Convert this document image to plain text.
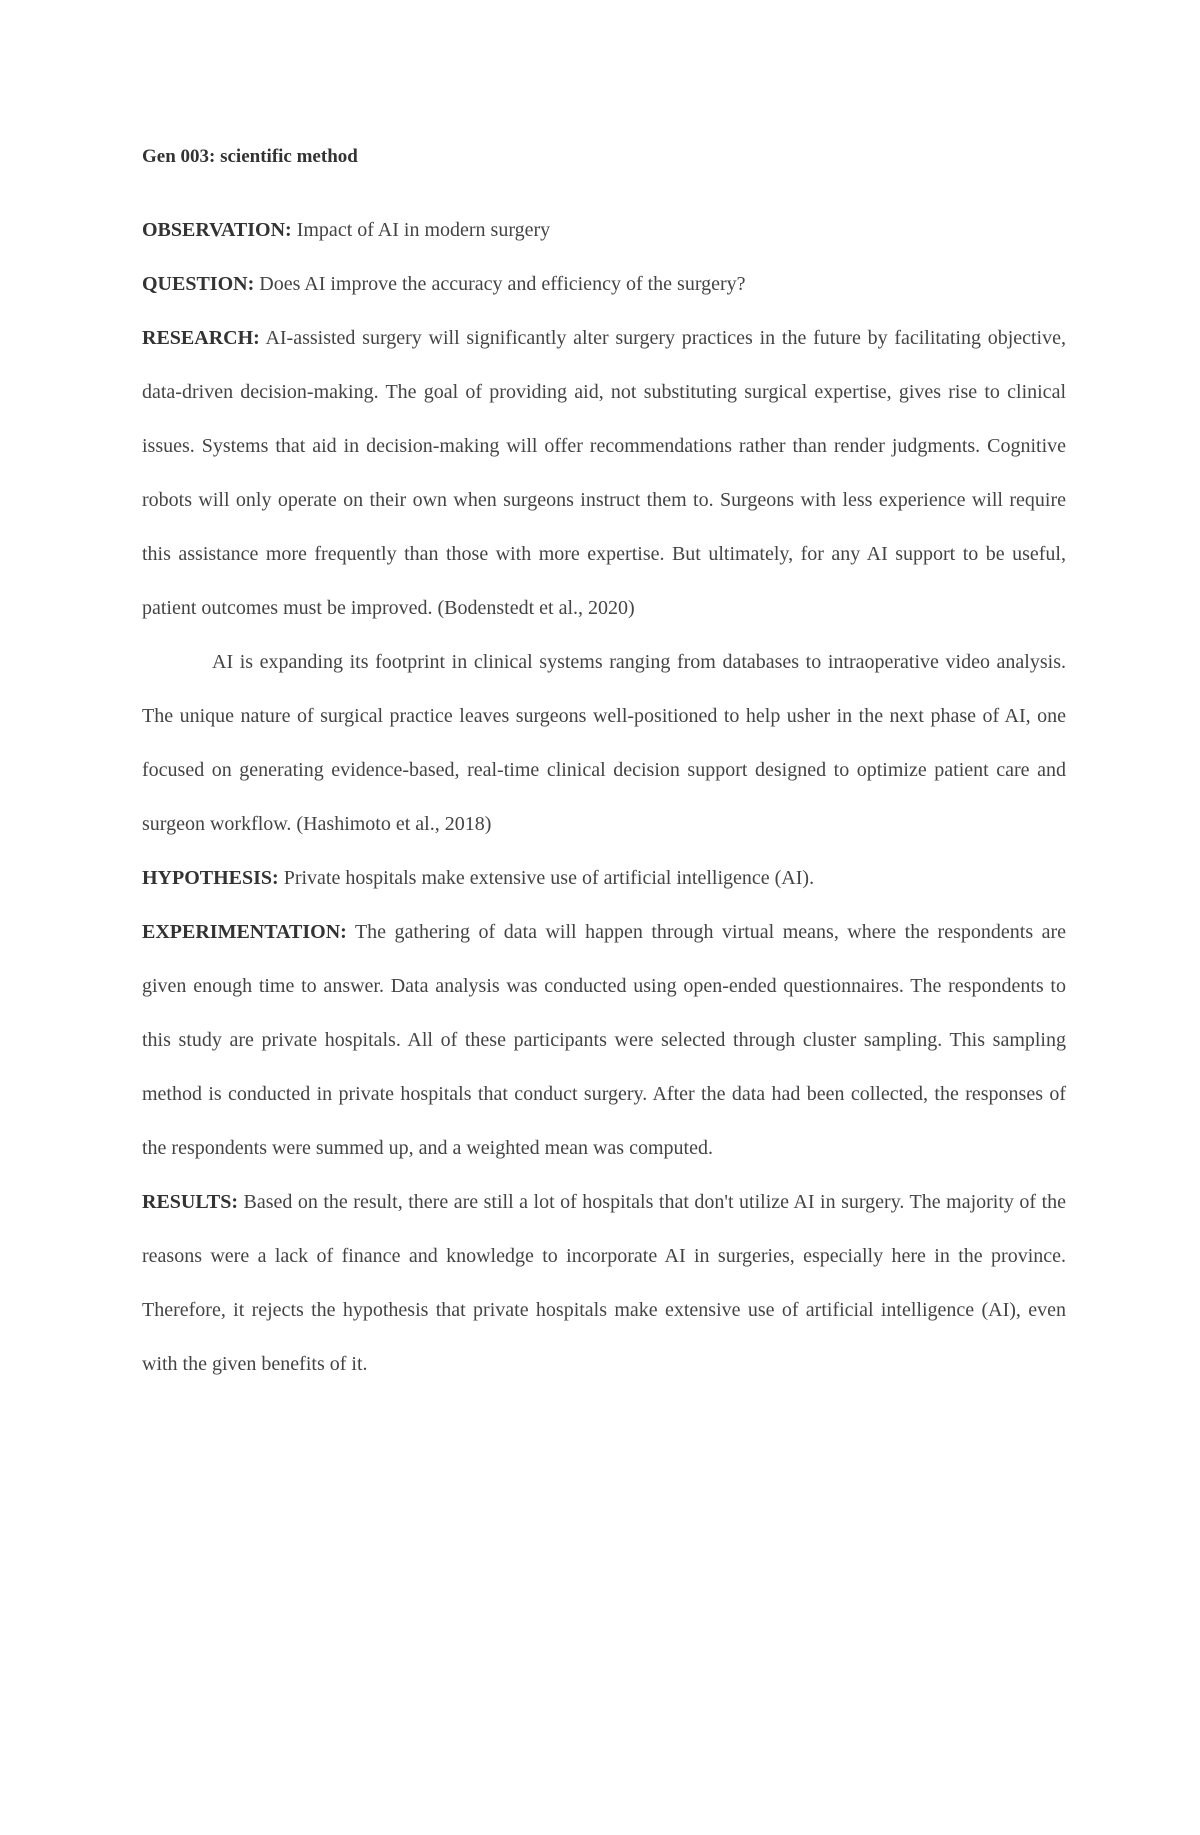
Gen 003: scientific method

OBSERVATION: Impact of AI in modern surgery

QUESTION: Does AI improve the accuracy and efficiency of the surgery?

RESEARCH: AI-assisted surgery will significantly alter surgery practices in the future by facilitating objective, data-driven decision-making. The goal of providing aid, not substituting surgical expertise, gives rise to clinical issues. Systems that aid in decision-making will offer recommendations rather than render judgments. Cognitive robots will only operate on their own when surgeons instruct them to. Surgeons with less experience will require this assistance more frequently than those with more expertise. But ultimately, for any AI support to be useful, patient outcomes must be improved. (Bodenstedt et al., 2020)

AI is expanding its footprint in clinical systems ranging from databases to intraoperative video analysis. The unique nature of surgical practice leaves surgeons well-positioned to help usher in the next phase of AI, one focused on generating evidence-based, real-time clinical decision support designed to optimize patient care and surgeon workflow. (Hashimoto et al., 2018)

HYPOTHESIS: Private hospitals make extensive use of artificial intelligence (AI).

EXPERIMENTATION: The gathering of data will happen through virtual means, where the respondents are given enough time to answer. Data analysis was conducted using open-ended questionnaires. The respondents to this study are private hospitals. All of these participants were selected through cluster sampling. This sampling method is conducted in private hospitals that conduct surgery. After the data had been collected, the responses of the respondents were summed up, and a weighted mean was computed.

RESULTS: Based on the result, there are still a lot of hospitals that don't utilize AI in surgery. The majority of the reasons were a lack of finance and knowledge to incorporate AI in surgeries, especially here in the province. Therefore, it rejects the hypothesis that private hospitals make extensive use of artificial intelligence (AI), even with the given benefits of it.
